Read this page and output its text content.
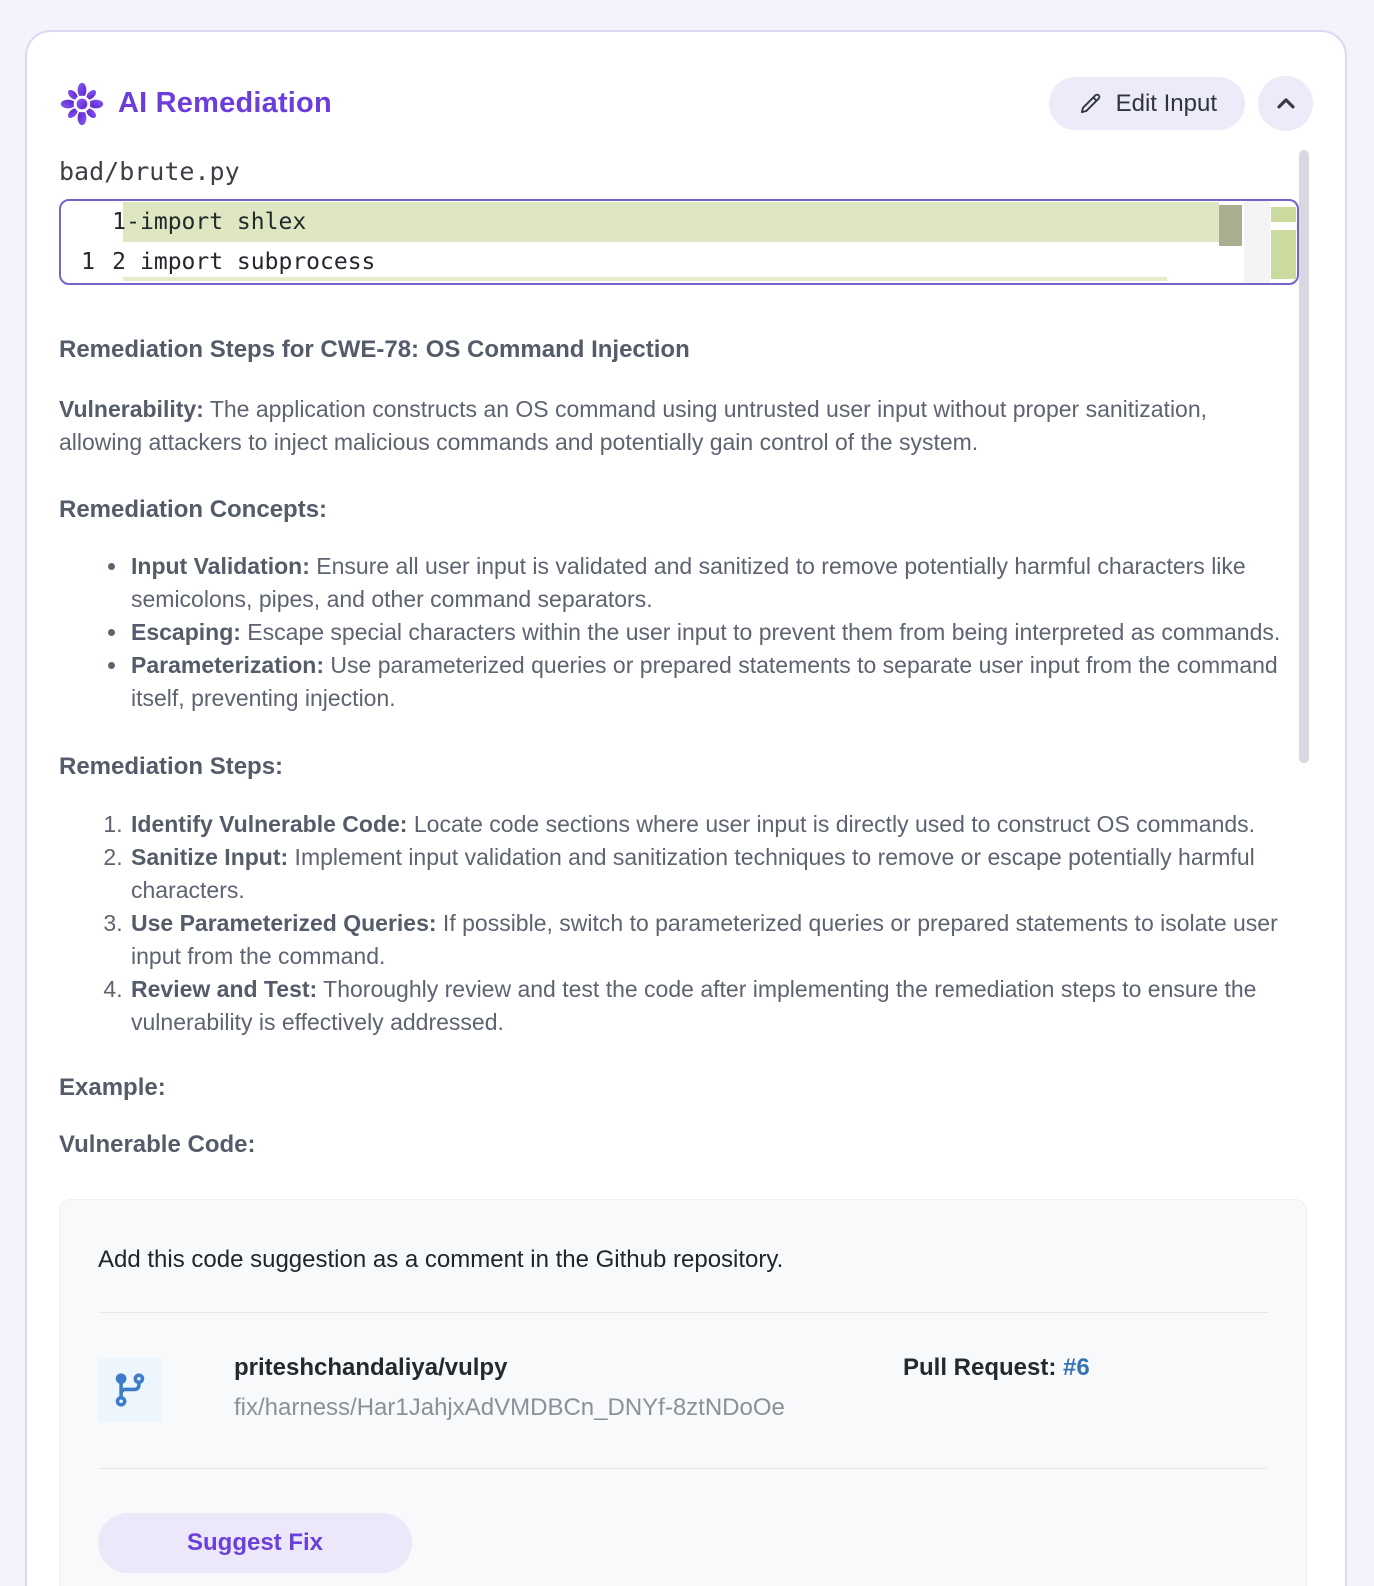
AI Remediation	Edit Input
bad/brute.py
1 - import shlex
1 2 import subprocess
Remediation Steps for CWE-78: OS Command Injection

Vulnerability: The application constructs an OS command using untrusted user input without proper sanitization, allowing attackers to inject malicious commands and potentially gain control of the system.

Remediation Concepts:
• Input Validation: Ensure all user input is validated and sanitized to remove potentially harmful characters like semicolons, pipes, and other command separators.
• Escaping: Escape special characters within the user input to prevent them from being interpreted as commands.
• Parameterization: Use parameterized queries or prepared statements to separate user input from the command itself, preventing injection.
Remediation Steps:
1. Identify Vulnerable Code: Locate code sections where user input is directly used to construct OS commands.
2. Sanitize Input: Implement input validation and sanitization techniques to remove or escape potentially harmful characters.
3. Use Parameterized Queries: If possible, switch to parameterized queries or prepared statements to isolate user input from the command.
4. Review and Test: Thoroughly review and test the code after implementing the remediation steps to ensure the vulnerability is effectively addressed.
Example:
Vulnerable Code:
Add this code suggestion as a comment in the Github repository.
priteshchandaliya/vulpy
fix/harness/Har1JahjxAdVMDBCn_DNYf-8ztNDoOe
Pull Request: #6
Suggest Fix
